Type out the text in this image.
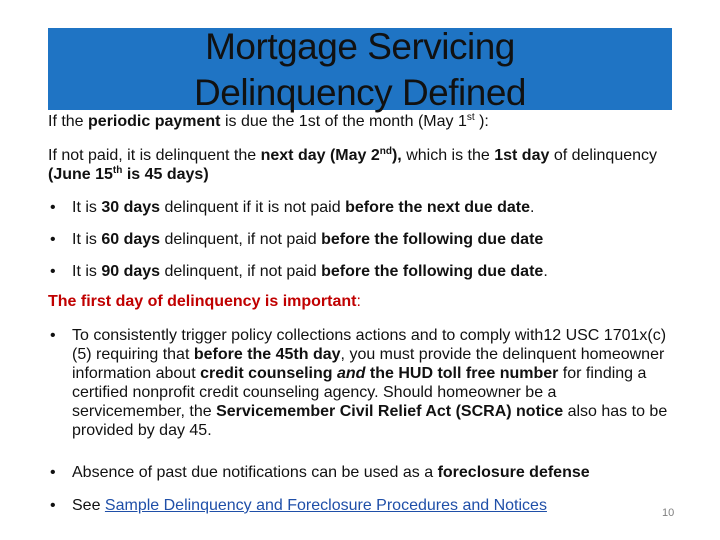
Mortgage Servicing
Delinquency Defined

If the periodic payment is due the 1st of the month (May 1st ):

If not paid, it is delinquent the next day (May 2nd), which is the 1st day of delinquency (June 15th is 45 days)

• It is 30 days delinquent if it is not paid before the next due date.
• It is 60 days delinquent, if not paid before the following due date
• It is 90 days delinquent, if not paid before the following due date.

The first day of delinquency is important:

• To consistently trigger policy collections actions and to comply with12 USC 1701x(c)(5) requiring that before the 45th day, you must provide the delinquent homeowner information about credit counseling and the HUD toll free number for finding a certified nonprofit credit counseling agency. Should homeowner be a servicemember, the Servicemember Civil Relief Act (SCRA) notice also has to be provided by day 45.
• Absence of past due notifications can be used as a foreclosure defense
• See Sample Delinquency and Foreclosure Procedures and Notices	10
